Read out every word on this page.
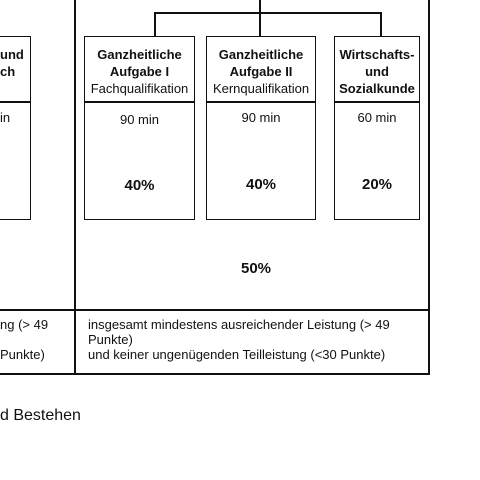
und
ch
in
Ganzheitliche
Aufgabe I
Fachqualifikation
90 min
40%
Ganzheitliche
Aufgabe II
Kernqualifikation
90 min
40%
Wirtschafts-
und
Sozialkunde
60 min
20%
50%
ng (> 49
Punkte)
insgesamt mindestens ausreichender Leistung (> 49
Punkte)
und keiner ungenügenden Teilleistung (<30 Punkte)
d Bestehen
